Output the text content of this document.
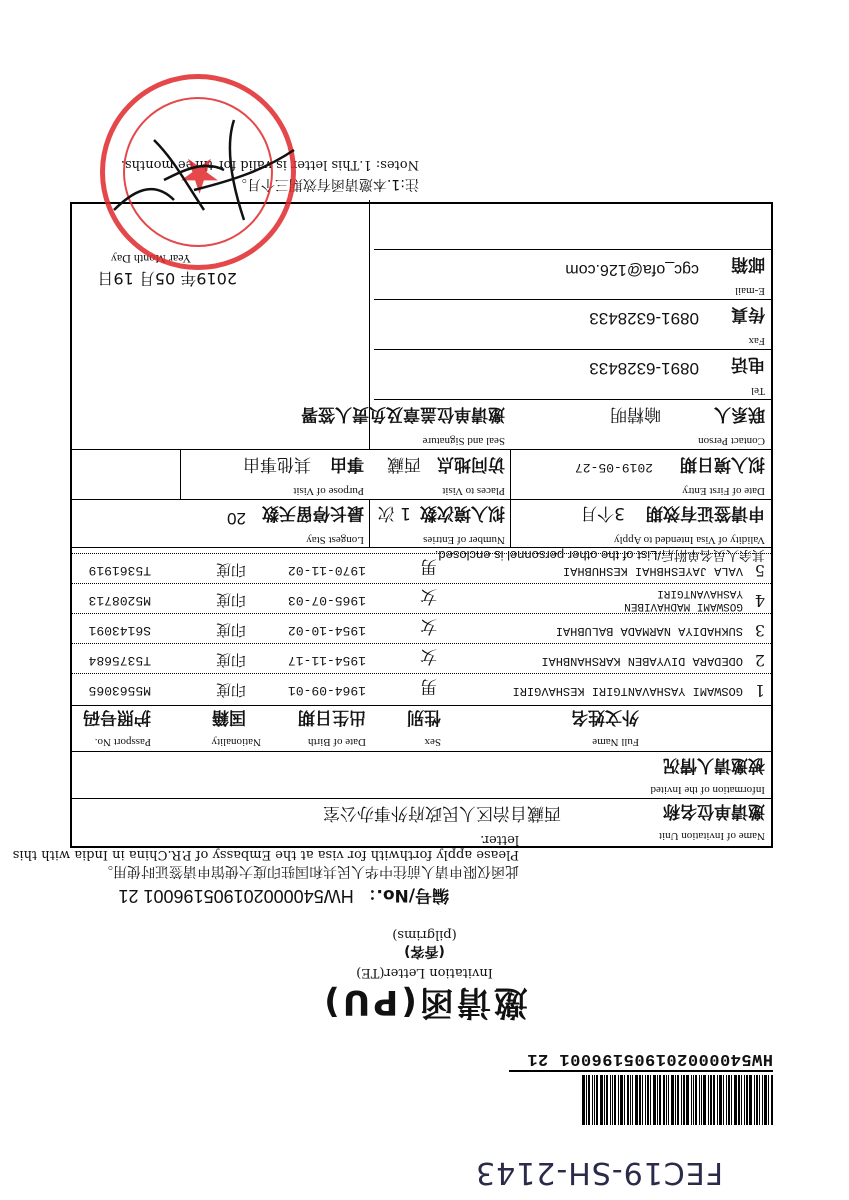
FEC19-SH-2143
HW540000201905196001 21
邀请函(PU)
Invitation Letter(TE)
(香客)
(pilgrims)
编号/No.： HW540000201905196001 21
此函仅限申请人前往中华人民共和国驻印度大使馆申请签证时使用。
Please apply forthwith for visa at the Embassy of P.R.China in India with this letter.	Name of Invitation Unit
邀请单位名称
西藏自治区人民政府外事办公室
Information of the Invited
被邀请人情况
Full Name
外文姓名
Sex
性别
Date of Birth
出生日期
Nationality
国籍
Passport No.
护照号码
1
GOSWAMI YASHAVANTGIRI KESHAVGIRI
男
1964-09-01
印度
M5563065
2
ODEDARA DIVYABEN KARSHANBHAI
女
1954-11-17
印度
T5375684
3
SUKHADIYA NARMADA BALUBHAI
女
1954-10-02
印度
S6143091
4
GOSWAMI MADHAVIBEN
YASHAVANTGIRI
女
1965-07-03
印度
M5208713
5
VALA JAYESHBHAI KESHUBHAI
男
1970-11-02
印度
T5361919
其余人员名单附后/List of the other personnel is enclosed.
Validity of Visa Intended to Apply
申请签证有效期
3个月
Number of Entries
拟入境次数
1 次
Longest Stay
最长停留天数
20
Date of First Entry
拟入境日期
2019-05-27
Places to Visit
访问地点
西藏
Purpose of Visit
事由
其他事由
Contact Person
联系人
喻精明
Seal and Signature
邀请单位盖章及负责人签署
Tel
电话
0891-6328433
Fax
传真
0891-6328433
E-mail
邮箱
cgc_ofa@126.com
2019年 05月 19日
Year Month Day
注:1.本邀请函有效期三个月。
Notes: 1.This letter is valid for three months.
★
